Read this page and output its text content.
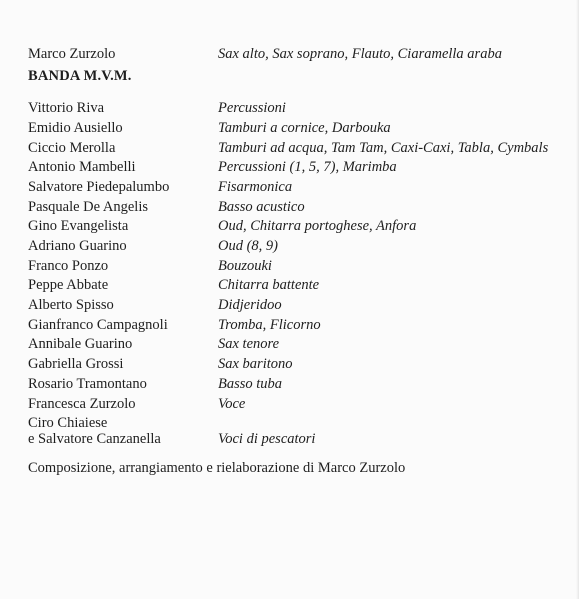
Marco Zurzolo	Sax alto, Sax soprano, Flauto, Ciaramella araba
BANDA M.V.M.
Vittorio Riva	Percussioni
Emidio Ausiello	Tamburi a cornice, Darbouka
Ciccio Merolla	Tamburi ad acqua, Tam Tam, Caxi-Caxi, Tabla, Cymbals
Antonio Mambelli	Percussioni (1, 5, 7), Marimba
Salvatore Piedepalumbo	Fisarmonica
Pasquale De Angelis	Basso acustico
Gino Evangelista	Oud, Chitarra portoghese, Anfora
Adriano Guarino	Oud (8, 9)
Franco Ponzo	Bouzouki
Peppe Abbate	Chitarra battente
Alberto Spisso	Didjeridoo
Gianfranco Campagnoli	Tromba, Flicorno
Annibale Guarino	Sax tenore
Gabriella Grossi	Sax baritono
Rosario Tramontano	Basso tuba
Francesca Zurzolo	Voce
Ciro Chiaiese
e Salvatore Canzanella	Voci di pescatori
Composizione, arrangiamento e rielaborazione di Marco Zurzolo
